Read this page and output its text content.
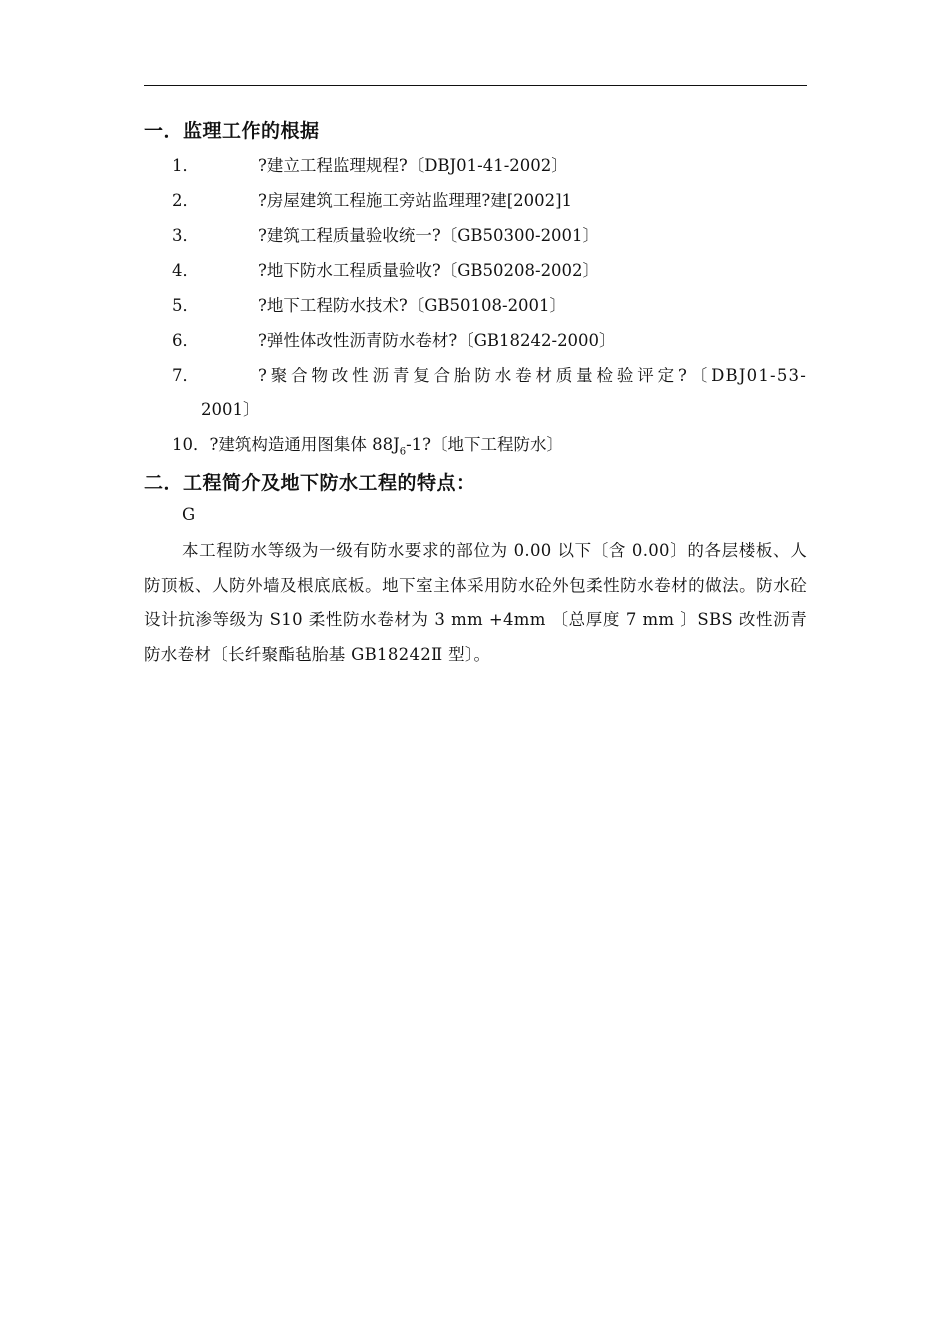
一．监理工作的根据
1．	?建立工程监理规程?〔DBJ01-41-2002〕
2．	?房屋建筑工程施工旁站监理理?建[2002]1
3．	?建筑工程质量验收统一?〔GB50300-2001〕
4．	?地下防水工程质量验收?〔GB50208-2002〕
5．	?地下工程防水技术?〔GB50108-2001〕
6．	?弹性体改性沥青防水卷材?〔GB18242-2000〕
7．	?聚合物改性沥青复合胎防水卷材质量检验评定?〔DBJ01-53-
2001〕
10．?建筑构造通用图集体 $88J_6-1$?〔地下工程防水〕
二．工程简介及地下防水工程的特点：
G
本工程防水等级为一级有防水要求的部位为 0.00 以下〔含 0.00〕的各层楼板、人防顶板、人防外墙及根底底板。地下室主体采用防水砼外包柔性防水卷材的做法。防水砼设计抗渗等级为 S10 柔性防水卷材为 3 mm +4mm 〔总厚度 7 mm 〕SBS 改性沥青防水卷材〔长纤聚酯毡胎基 GB18242Ⅱ 型〕。
